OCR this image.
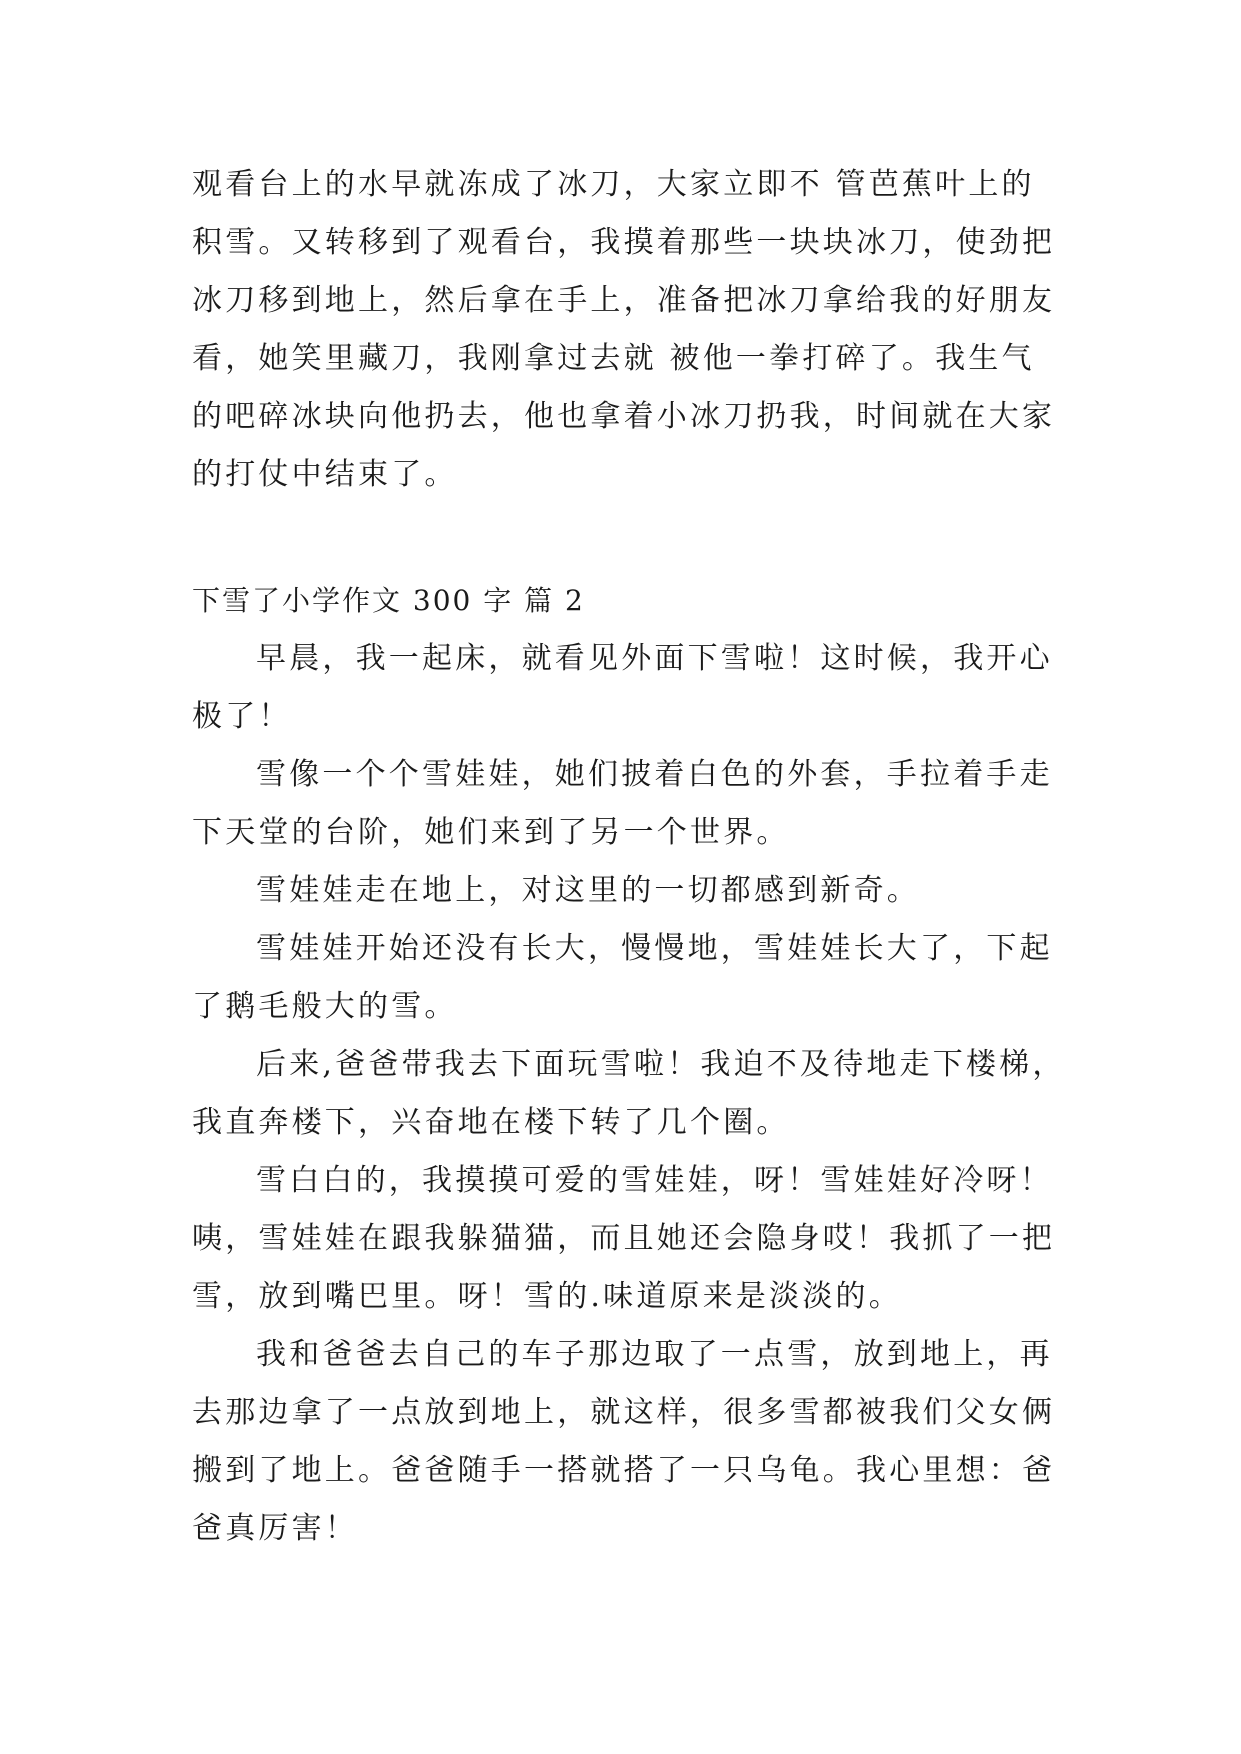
观看台上的水早就冻成了冰刀，大家立即不 管芭蕉叶上的
积雪。又转移到了观看台，我摸着那些一块块冰刀，使劲把
冰刀移到地上，然后拿在手上，准备把冰刀拿给我的好朋友
看，她笑里藏刀，我刚拿过去就 被他一拳打碎了。我生气
的吧碎冰块向他扔去，他也拿着小冰刀扔我，时间就在大家
的打仗中结束了。
下雪了小学作文 300 字 篇 2
早晨，我一起床，就看见外面下雪啦！这时候，我开心
极了！
雪像一个个雪娃娃，她们披着白色的外套，手拉着手走
下天堂的台阶，她们来到了另一个世界。
雪娃娃走在地上，对这里的一切都感到新奇。
雪娃娃开始还没有长大，慢慢地，雪娃娃长大了，下起
了鹅毛般大的雪。
后来,爸爸带我去下面玩雪啦！我迫不及待地走下楼梯，
我直奔楼下，兴奋地在楼下转了几个圈。
雪白白的，我摸摸可爱的雪娃娃，呀！雪娃娃好冷呀！
咦，雪娃娃在跟我躲猫猫，而且她还会隐身哎！我抓了一把
雪，放到嘴巴里。呀！雪的.味道原来是淡淡的。
我和爸爸去自己的车子那边取了一点雪，放到地上，再
去那边拿了一点放到地上，就这样，很多雪都被我们父女俩
搬到了地上。爸爸随手一搭就搭了一只乌龟。我心里想：爸
爸真厉害！
